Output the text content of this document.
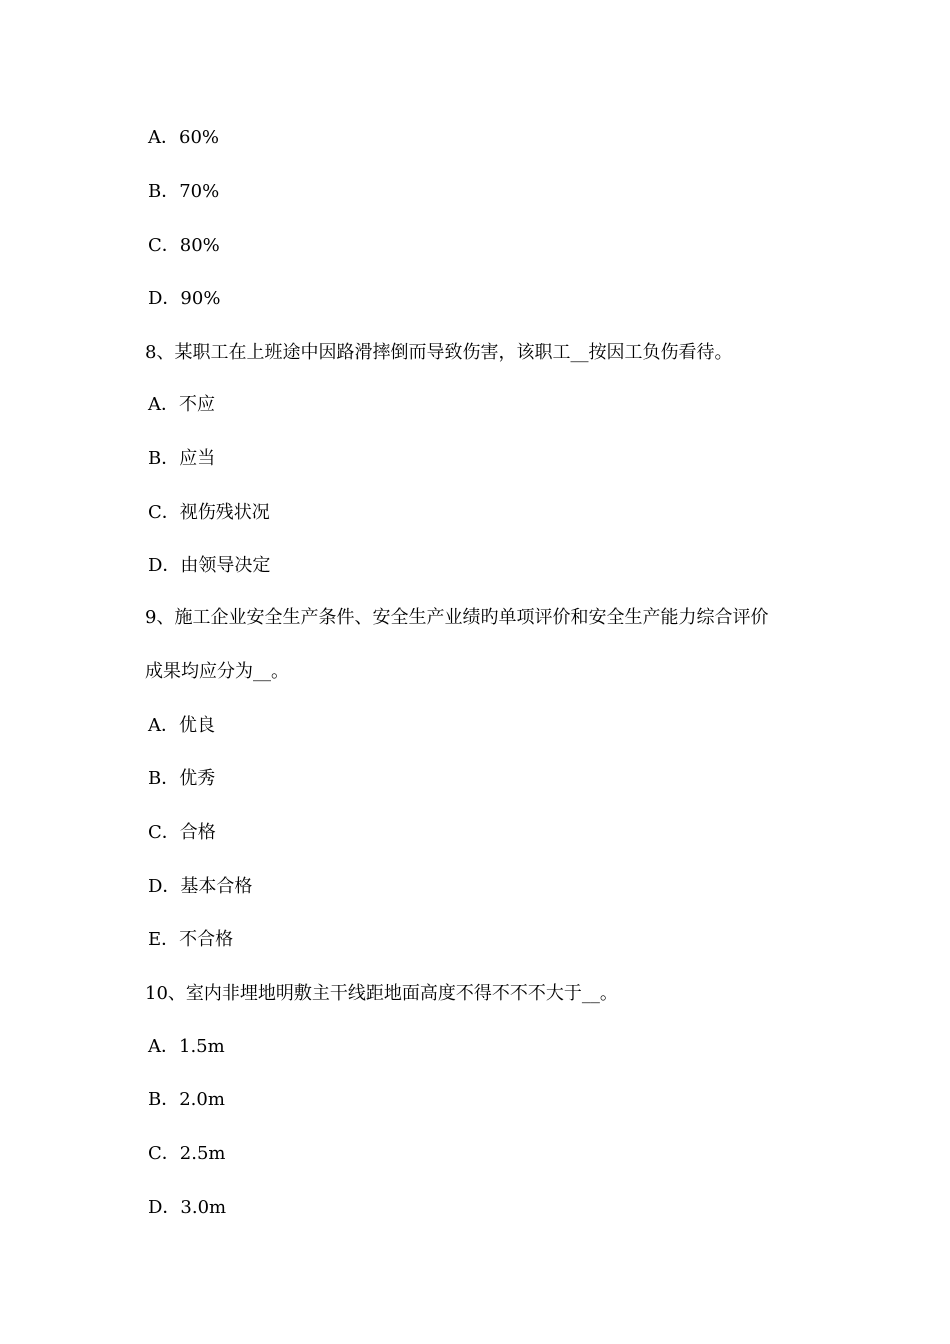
A．60%
B．70%
C．80%
D．90%
8、某职工在上班途中因路滑摔倒而导致伤害，该职工__按因工负伤看待。
A．不应
B．应当
C．视伤残状况
D．由领导决定
9、施工企业安全生产条件、安全生产业绩旳单项评价和安全生产能力综合评价
成果均应分为__。
A．优良
B．优秀
C．合格
D．基本合格
E．不合格
10、室内非埋地明敷主干线距地面高度不得不不不大于__。
A．1.5m
B．2.0m
C．2.5m
D．3.0m
